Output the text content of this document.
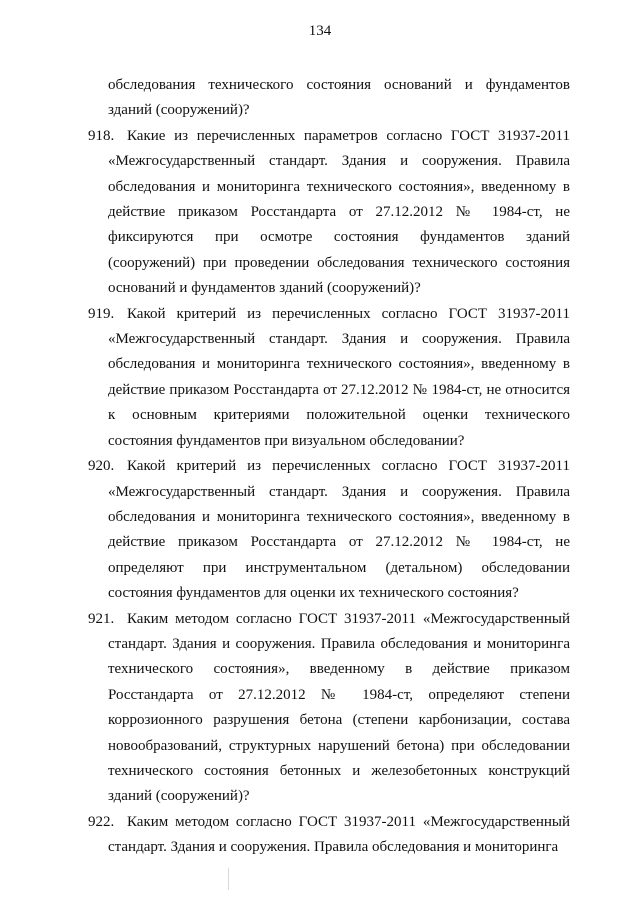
134
обследования технического состояния оснований и фундаментов зданий (сооружений)?
918. Какие из перечисленных параметров согласно ГОСТ 31937-2011 «Межгосударственный стандарт. Здания и сооружения. Правила обследования и мониторинга технического состояния», введенному в действие приказом Росстандарта от 27.12.2012 № 1984-ст, не фиксируются при осмотре состояния фундаментов зданий (сооружений) при проведении обследования технического состояния оснований и фундаментов зданий (сооружений)?
919. Какой критерий из перечисленных согласно ГОСТ 31937-2011 «Межгосударственный стандарт. Здания и сооружения. Правила обследования и мониторинга технического состояния», введенному в действие приказом Росстандарта от 27.12.2012 № 1984-ст, не относится к основным критериями положительной оценки технического состояния фундаментов при визуальном обследовании?
920. Какой критерий из перечисленных согласно ГОСТ 31937-2011 «Межгосударственный стандарт. Здания и сооружения. Правила обследования и мониторинга технического состояния», введенному в действие приказом Росстандарта от 27.12.2012 № 1984-ст, не определяют при инструментальном (детальном) обследовании состояния фундаментов для оценки их технического состояния?
921. Каким методом согласно ГОСТ 31937-2011 «Межгосударственный стандарт. Здания и сооружения. Правила обследования и мониторинга технического состояния», введенному в действие приказом Росстандарта от 27.12.2012 № 1984-ст, определяют степени коррозионного разрушения бетона (степени карбонизации, состава новообразований, структурных нарушений бетона) при обследовании технического состояния бетонных и железобетонных конструкций зданий (сооружений)?
922. Каким методом согласно ГОСТ 31937-2011 «Межгосударственный стандарт. Здания и сооружения. Правила обследования и мониторинга
